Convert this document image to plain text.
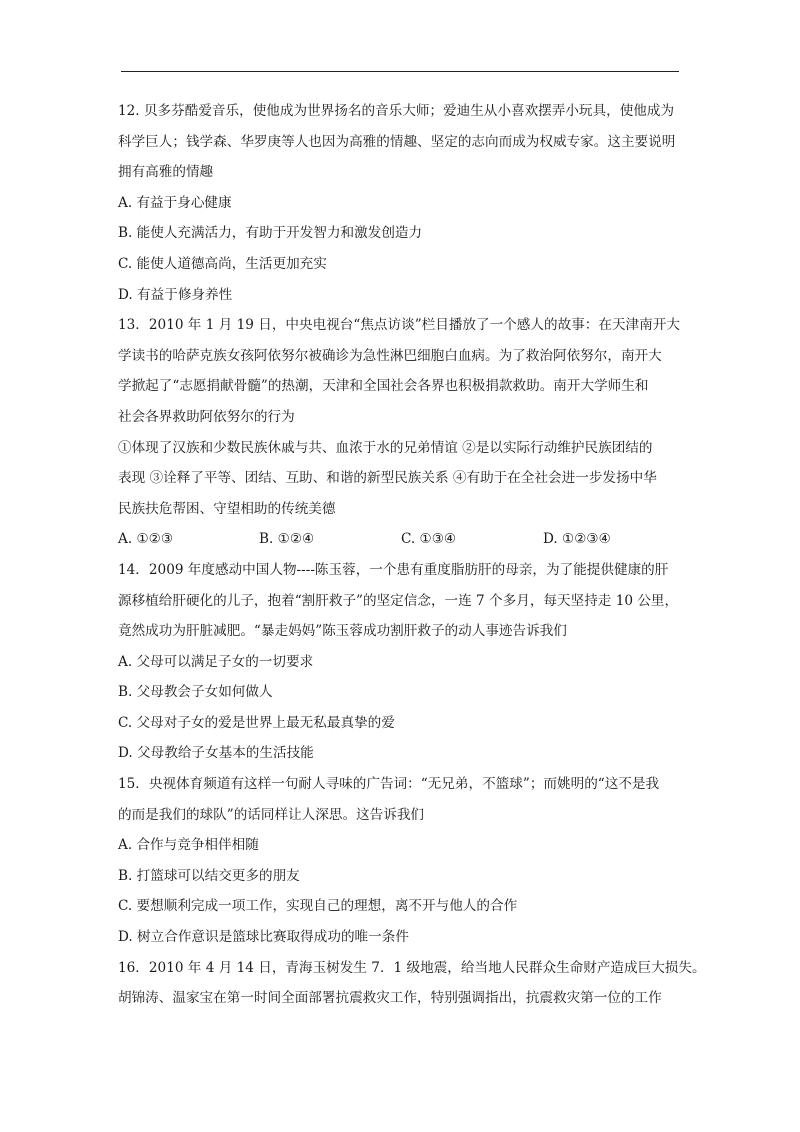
12. 贝多芬酷爱音乐，使他成为世界扬名的音乐大师；爱迪生从小喜欢摆弄小玩具，使他成为
科学巨人；钱学森、华罗庚等人也因为高雅的情趣、坚定的志向而成为权威专家。这主要说明
拥有高雅的情趣
A. 有益于身心健康
B. 能使人充满活力，有助于开发智力和激发创造力
C. 能使人道德高尚，生活更加充实
D. 有益于修身养性
13．2010 年 1 月 19 日，中央电视台“焦点访谈”栏目播放了一个感人的故事：在天津南开大
学读书的哈萨克族女孩阿依努尔被确诊为急性淋巴细胞白血病。为了救治阿依努尔，南开大
学掀起了“志愿捐献骨髓”的热潮，天津和全国社会各界也积极捐款救助。南开大学师生和
社会各界救助阿依努尔的行为
①体现了汉族和少数民族休戚与共、血浓于水的兄弟情谊 ②是以实际行动维护民族团结的
表现 ③诠释了平等、团结、互助、和谐的新型民族关系 ④有助于在全社会进一步发扬中华
民族扶危帮困、守望相助的传统美德
A. ①②③	B. ①②④	C. ①③④	D. ①②③④
14．2009 年度感动中国人物----陈玉蓉，一个患有重度脂肪肝的母亲，为了能提供健康的肝
源移植给肝硬化的儿子，抱着“割肝救子”的坚定信念，一连 7 个多月，每天坚持走 10 公里，
竟然成功为肝脏减肥。“暴走妈妈”陈玉蓉成功割肝救子的动人事迹告诉我们
A. 父母可以满足子女的一切要求
B. 父母教会子女如何做人
C. 父母对子女的爱是世界上最无私最真挚的爱
D. 父母教给子女基本的生活技能
15．央视体育频道有这样一句耐人寻味的广告词：“无兄弟，不篮球”；而姚明的“这不是我
的而是我们的球队”的话同样让人深思。这告诉我们
A. 合作与竞争相伴相随
B. 打篮球可以结交更多的朋友
C. 要想顺利完成一项工作，实现自己的理想，离不开与他人的合作
D. 树立合作意识是篮球比赛取得成功的唯一条件
16．2010 年 4 月 14 日，青海玉树发生 7．1 级地震，给当地人民群众生命财产造成巨大损失。
胡锦涛、温家宝在第一时间全面部署抗震救灾工作，特别强调指出，抗震救灾第一位的工作
